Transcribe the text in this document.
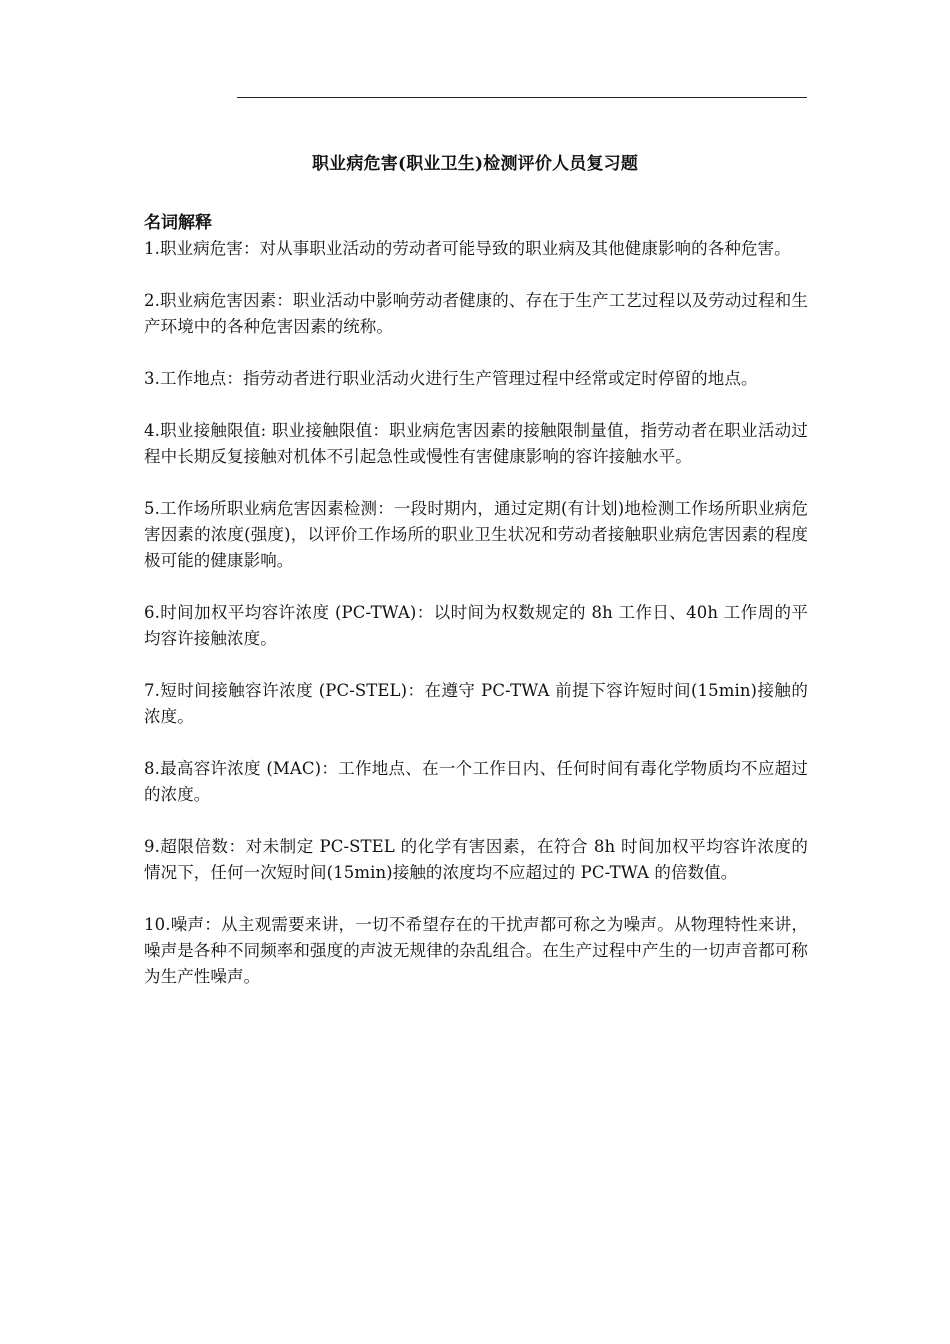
职业病危害(职业卫生)检测评价人员复习题

名词解释

1.职业病危害：对从事职业活动的劳动者可能导致的职业病及其他健康影响的各种危害。

2.职业病危害因素：职业活动中影响劳动者健康的、存在于生产工艺过程以及劳动过程和生产环境中的各种危害因素的统称。

3.工作地点：指劳动者进行职业活动火进行生产管理过程中经常或定时停留的地点。

4.职业接触限值: 职业接触限值：职业病危害因素的接触限制量值，指劳动者在职业活动过程中长期反复接触对机体不引起急性或慢性有害健康影响的容许接触水平。

5.工作场所职业病危害因素检测：一段时期内，通过定期(有计划)地检测工作场所职业病危害因素的浓度(强度)，以评价工作场所的职业卫生状况和劳动者接触职业病危害因素的程度极可能的健康影响。

6.时间加权平均容许浓度 (PC-TWA)：以时间为权数规定的 8h 工作日、40h 工作周的平均容许接触浓度。

7.短时间接触容许浓度 (PC-STEL)：在遵守 PC-TWA 前提下容许短时间(15min)接触的浓度。

8.最高容许浓度 (MAC)：工作地点、在一个工作日内、任何时间有毒化学物质均不应超过的浓度。

9.超限倍数：对未制定 PC-STEL 的化学有害因素，在符合 8h 时间加权平均容许浓度的情况下，任何一次短时间(15min)接触的浓度均不应超过的 PC-TWA 的倍数值。

10.噪声：从主观需要来讲，一切不希望存在的干扰声都可称之为噪声。从物理特性来讲，噪声是各种不同频率和强度的声波无规律的杂乱组合。在生产过程中产生的一切声音都可称为生产性噪声。
